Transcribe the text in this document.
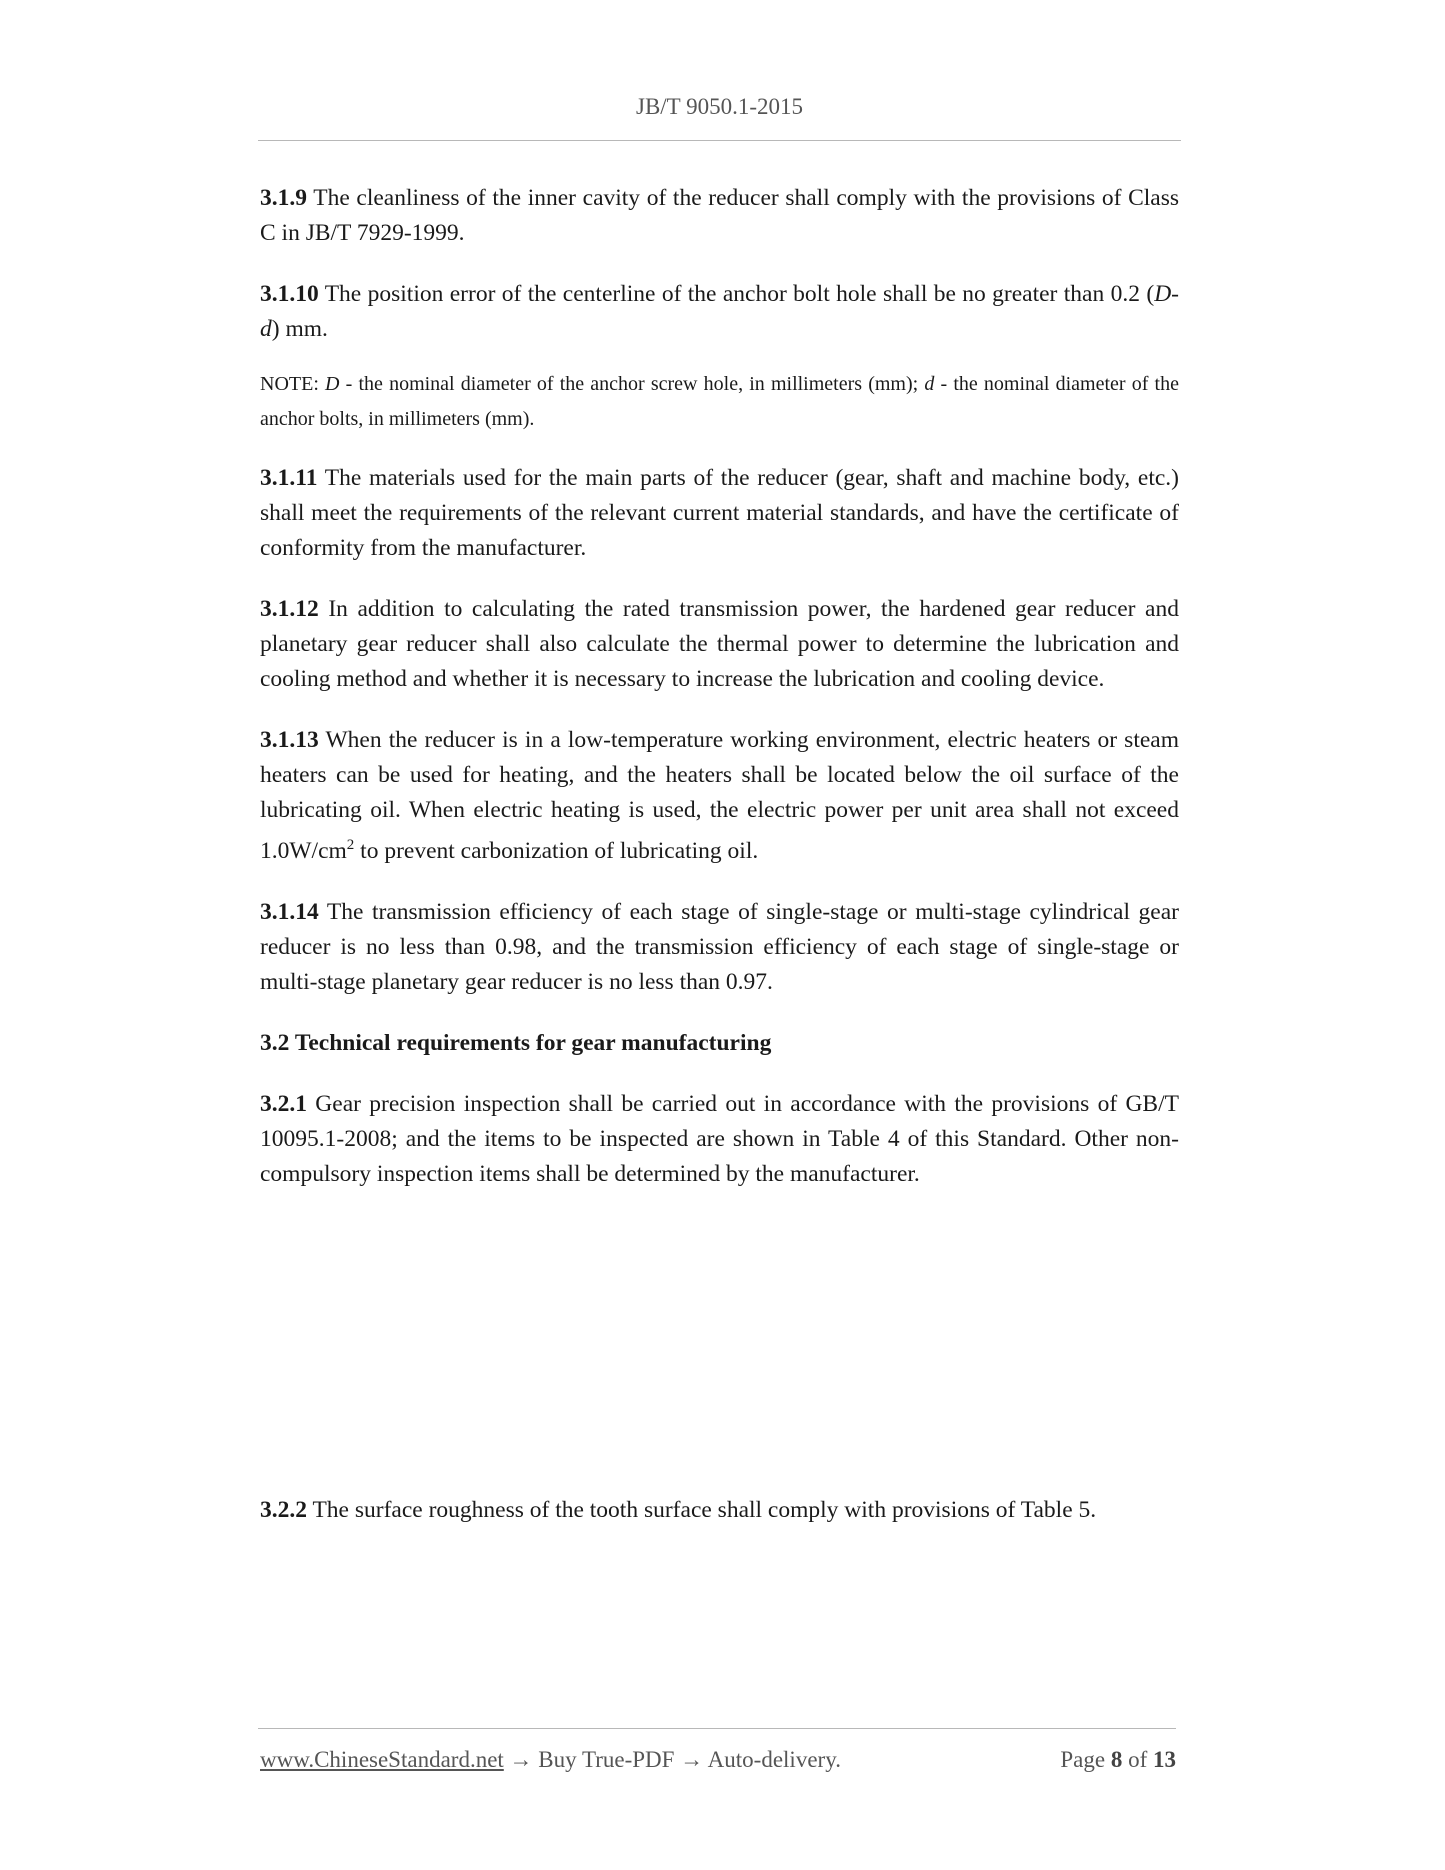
JB/T 9050.1-2015

3.1.9 The cleanliness of the inner cavity of the reducer shall comply with the provisions of Class C in JB/T 7929-1999.

3.1.10 The position error of the centerline of the anchor bolt hole shall be no greater than 0.2 (D-d) mm.

NOTE: D - the nominal diameter of the anchor screw hole, in millimeters (mm); d - the nominal diameter of the anchor bolts, in millimeters (mm).

3.1.11 The materials used for the main parts of the reducer (gear, shaft and machine body, etc.) shall meet the requirements of the relevant current material standards, and have the certificate of conformity from the manufacturer.

3.1.12 In addition to calculating the rated transmission power, the hardened gear reducer and planetary gear reducer shall also calculate the thermal power to determine the lubrication and cooling method and whether it is necessary to increase the lubrication and cooling device.

3.1.13 When the reducer is in a low-temperature working environment, electric heaters or steam heaters can be used for heating, and the heaters shall be located below the oil surface of the lubricating oil. When electric heating is used, the electric power per unit area shall not exceed $1.0W/cm^2$ to prevent carbonization of lubricating oil.

3.1.14 The transmission efficiency of each stage of single-stage or multi-stage cylindrical gear reducer is no less than 0.98, and the transmission efficiency of each stage of single-stage or multi-stage planetary gear reducer is no less than 0.97.

3.2 Technical requirements for gear manufacturing

3.2.1 Gear precision inspection shall be carried out in accordance with the provisions of GB/T 10095.1-2008; and the items to be inspected are shown in Table 4 of this Standard. Other non-compulsory inspection items shall be determined by the manufacturer.

3.2.2 The surface roughness of the tooth surface shall comply with provisions of Table 5.

www.ChineseStandard.net → Buy True-PDF → Auto-delivery.	Page 8 of 13
